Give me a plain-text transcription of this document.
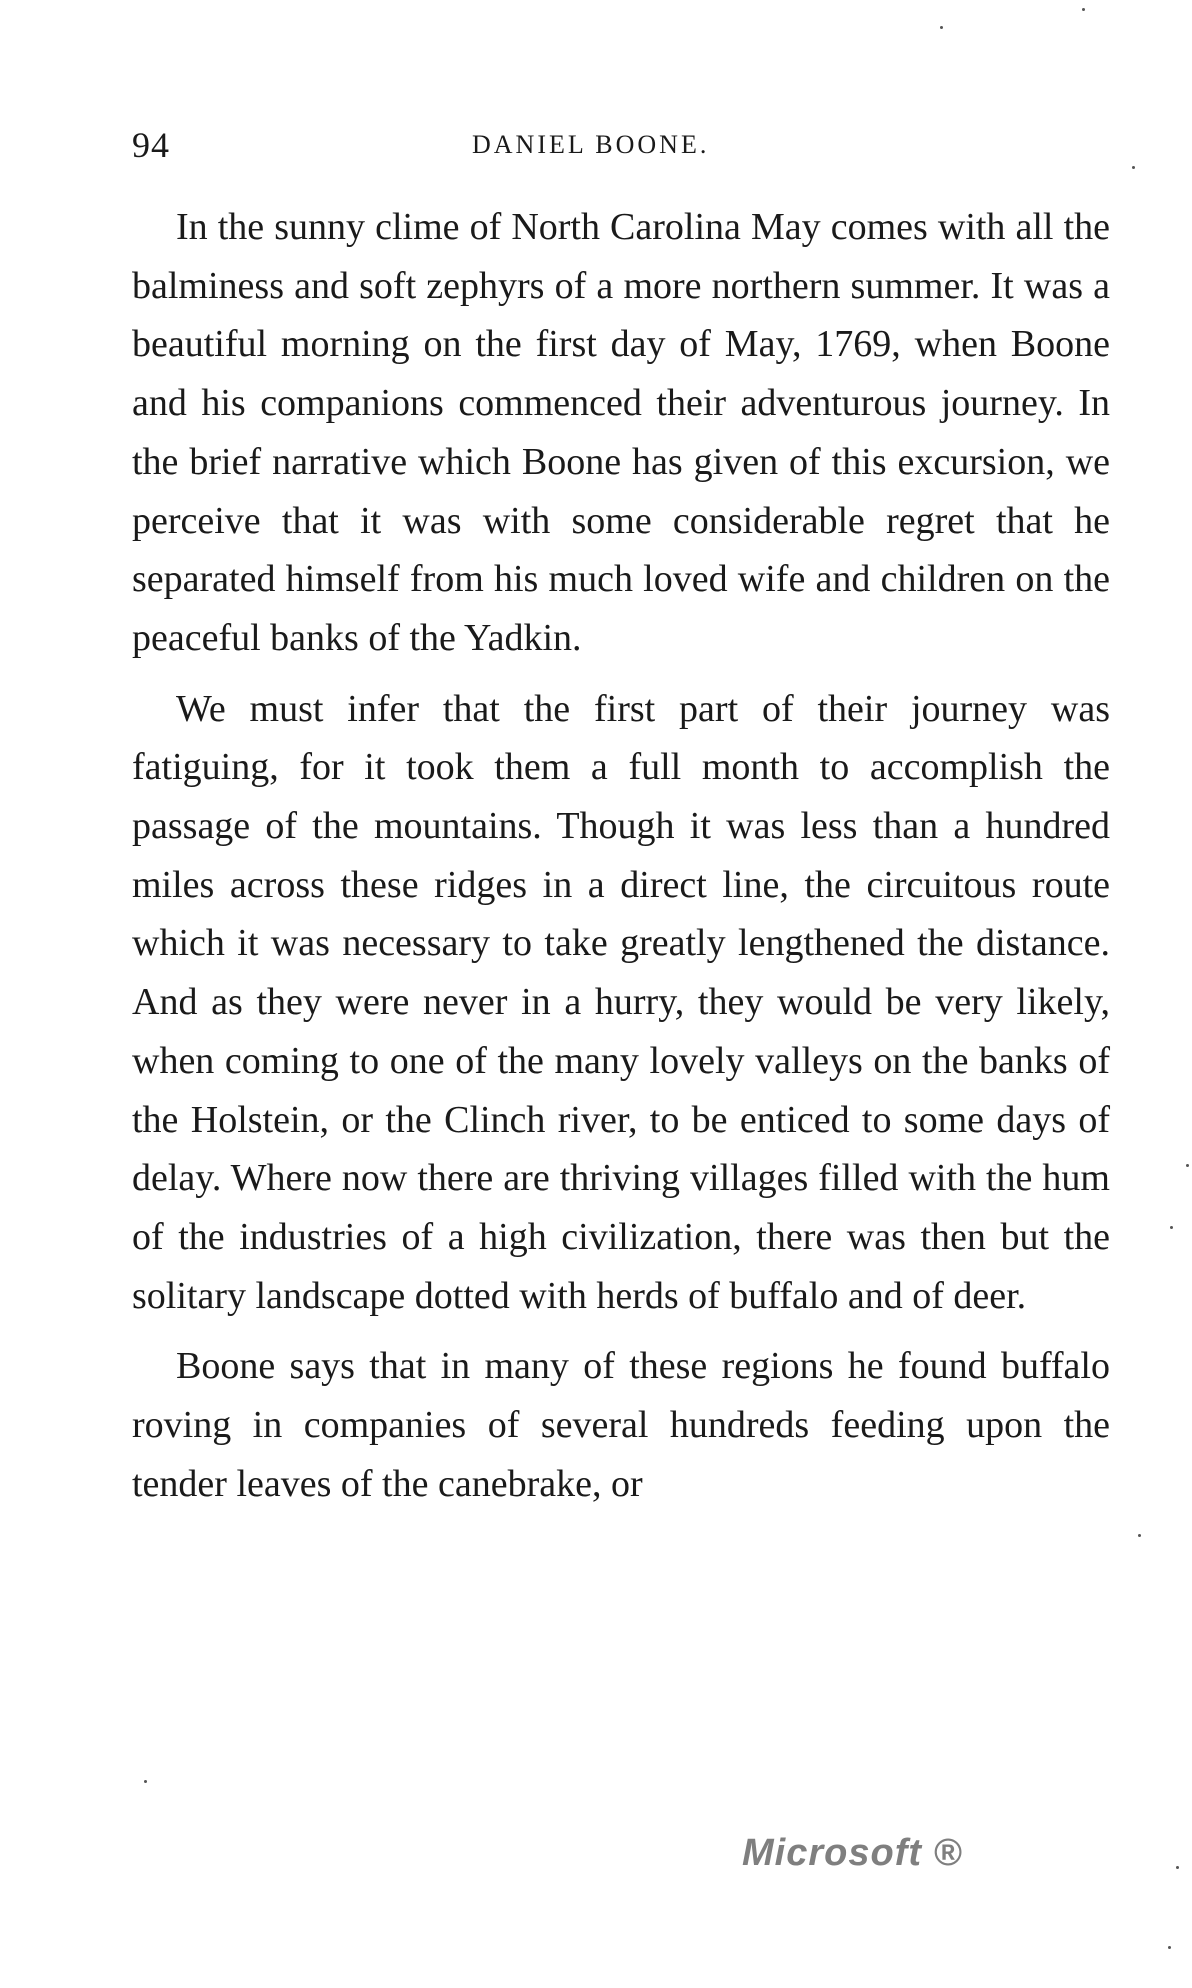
94	DANIEL BOONE.

In the sunny clime of North Carolina May comes with all the balminess and soft zephyrs of a more northern summer. It was a beautiful morning on the first day of May, 1769, when Boone and his companions commenced their adventurous journey. In the brief narrative which Boone has given of this excursion, we perceive that it was with some considerable regret that he separated himself from his much loved wife and children on the peaceful banks of the Yadkin.

We must infer that the first part of their journey was fatiguing, for it took them a full month to accomplish the passage of the mountains. Though it was less than a hundred miles across these ridges in a direct line, the circuitous route which it was necessary to take greatly lengthened the distance. And as they were never in a hurry, they would be very likely, when coming to one of the many lovely valleys on the banks of the Holstein, or the Clinch river, to be enticed to some days of delay. Where now there are thriving villages filled with the hum of the industries of a high civilization, there was then but the solitary landscape dotted with herds of buffalo and of deer.

Boone says that in many of these regions he found buffalo roving in companies of several hundreds feeding upon the tender leaves of the canebrake, or

Microsoft ®
